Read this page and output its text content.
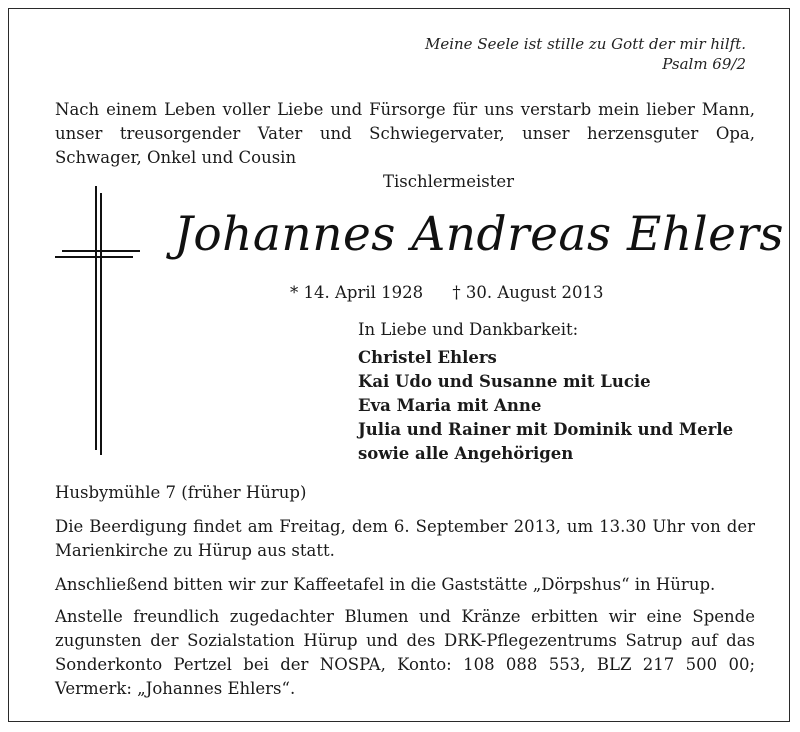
Meine Seele ist stille zu Gott der mir hilft.
Psalm 69/2
Nach einem Leben voller Liebe und Fürsorge für uns verstarb mein lieber Mann, unser treusorgender Vater und Schwiegervater, unser herzensguter Opa, Schwager, Onkel und Cousin
Tischlermeister
Johannes Andreas Ehlers
* 14. April 1928 † 30. August 2013
In Liebe und Dankbarkeit:
Christel Ehlers
Kai Udo und Susanne mit Lucie
Eva Maria mit Anne
Julia und Rainer mit Dominik und Merle
sowie alle Angehörigen
Husbymühle 7 (früher Hürup)
Die Beerdigung findet am Freitag, dem 6. September 2013, um 13.30 Uhr von der Marienkirche zu Hürup aus statt.
Anschließend bitten wir zur Kaffeetafel in die Gaststätte „Dörpshus“ in Hürup.
Anstelle freundlich zugedachter Blumen und Kränze erbitten wir eine Spende zugunsten der Sozialstation Hürup und des DRK-Pflegezentrums Satrup auf das Sonderkonto Pertzel bei der NOSPA, Konto: 108 088 553, BLZ 217 500 00; Vermerk: „Johannes Ehlers“.
